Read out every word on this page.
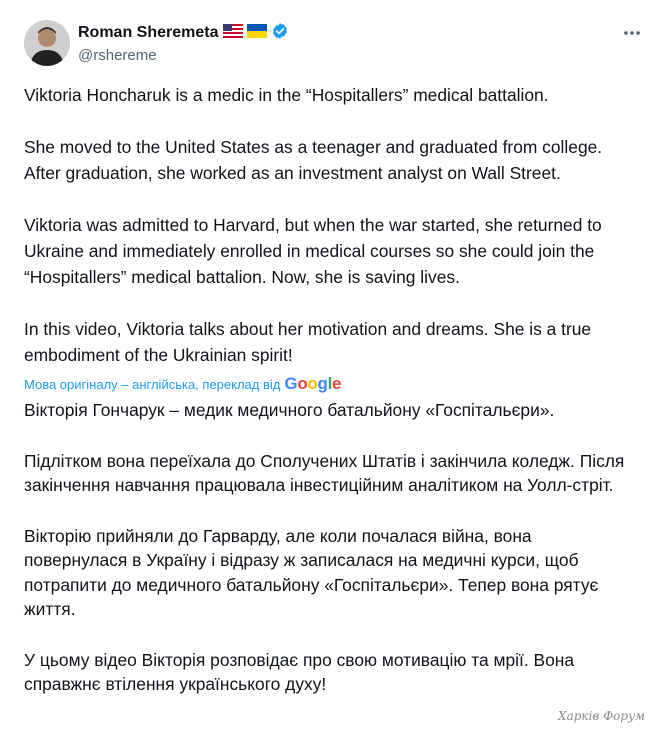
Roman Sheremeta
@rshereme

Viktoria Honcharuk is a medic in the “Hospitallers” medical battalion.

She moved to the United States as a teenager and graduated from college. After graduation, she worked as an investment analyst on Wall Street.

Viktoria was admitted to Harvard, but when the war started, she returned to Ukraine and immediately enrolled in medical courses so she could join the “Hospitallers” medical battalion. Now, she is saving lives.

In this video, Viktoria talks about her motivation and dreams. She is a true embodiment of the Ukrainian spirit!

Мова оригіналу – англійська, переклад від Google

Вікторія Гончарук – медик медичного батальйону «Госпітальєри».

Підлітком вона переїхала до Сполучених Штатів і закінчила коледж. Після закінчення навчання працювала інвестиційним аналітиком на Уолл-стріт.

Вікторію прийняли до Гарварду, але коли почалася війна, вона повернулася в Україну і відразу ж записалася на медичні курси, щоб потрапити до медичного батальйону «Госпітальєри». Тепер вона рятує життя.

У цьому відео Вікторія розповідає про свою мотивацію та мрії. Вона справжнє втілення українського духу!

Харків Форум
